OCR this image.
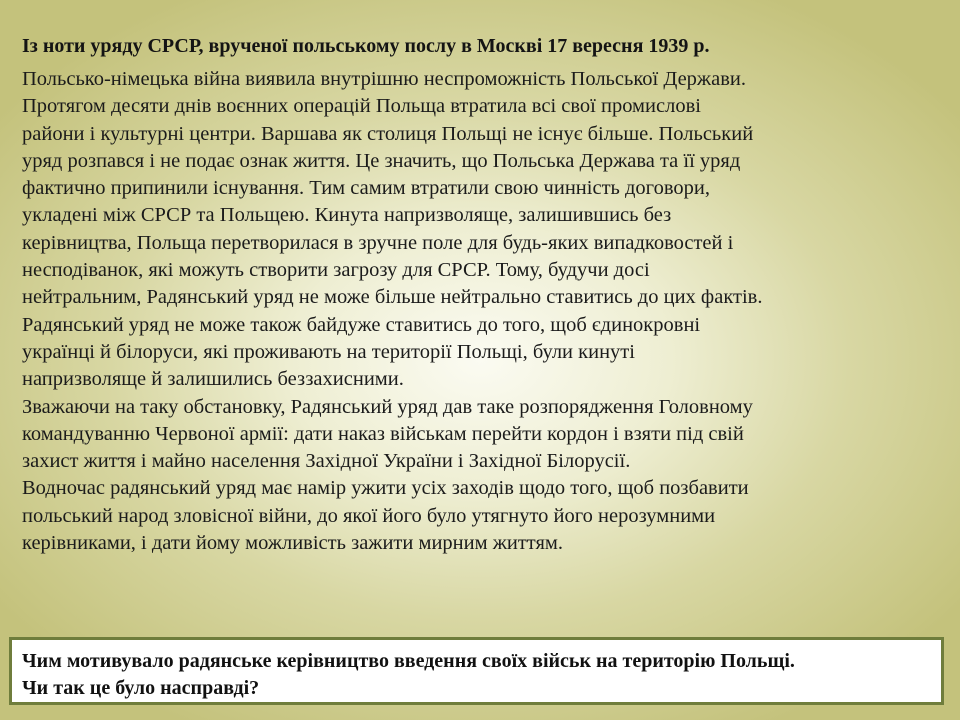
Із ноти уряду СРСР, врученої польському послу в Москві 17 вересня 1939 р.
Польсько-німецька війна виявила внутрішню неспроможність Польської Держави.
Протягом десяти днів воєнних операцій Польща втратила всі свої промислові
райони і культурні центри. Варшава як столиця Польщі не існує більше. Польський
уряд розпався і не подає ознак життя. Це значить, що Польська Держава та її уряд
фактично припинили існування. Тим самим втратили свою чинність договори,
укладені між СРСР та Польщею. Кинута напризволяще, залишившись без
керівництва, Польща перетворилася в зручне поле для будь-яких випадковостей і
несподіванок, які можуть створити загрозу для СРСР. Тому, будучи досі
нейтральним, Радянський уряд не може більше нейтрально ставитись до цих фактів.
Радянський уряд не може також байдуже ставитись до того, щоб єдинокровні
українці й білоруси, які проживають на території Польщі, були кинуті
напризволяще й залишились беззахисними.
Зважаючи на таку обстановку, Радянський уряд дав таке розпорядження Головному
командуванню Червоної армії: дати наказ військам перейти кордон і взяти під свій
захист життя і майно населення Західної України і Західної Білорусії.
Водночас радянський уряд має намір ужити усіх заходів щодо того, щоб позбавити
польський народ зловісної війни, до якої його було утягнуто його нерозумними
керівниками, і дати йому можливість зажити мирним життям.
Чим мотивувало радянське керівництво введення своїх військ на територію Польщі.
Чи так це було насправді?
